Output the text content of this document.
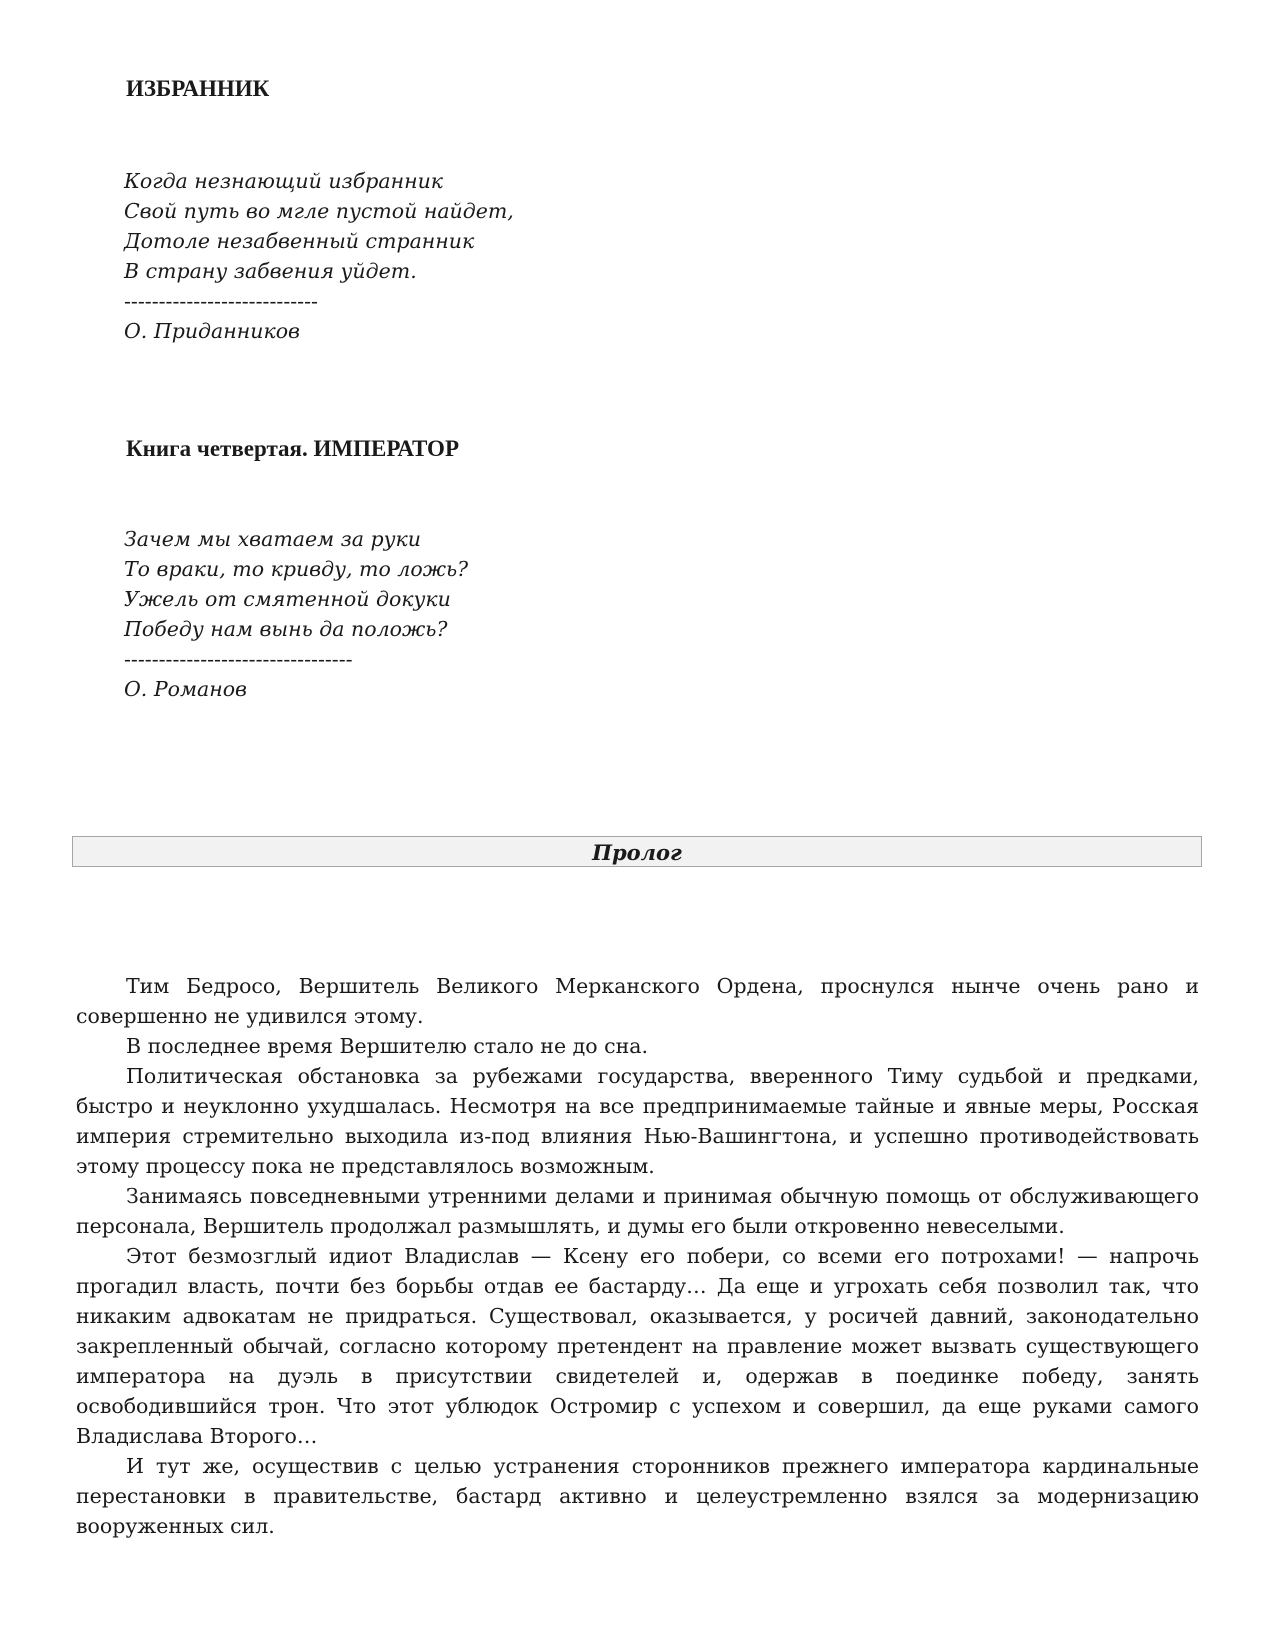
ИЗБРАННИК
Когда незнающий избранник
Свой путь во мгле пустой найдет,
Дотоле незабвенный странник
В страну забвения уйдет.
----------------------------
О. Приданников
Книга четвертая. ИМПЕРАТОР
Зачем мы хватаем за руки
То враки, то кривду, то ложь?
Ужель от смятенной докуки
Победу нам вынь да положь?
---------------------------------
О. Романов
Пролог

Тим Бедросо, Вершитель Великого Мерканского Ордена, проснулся нынче очень рано и совершенно не удивился этому.

В последнее время Вершителю стало не до сна.

Политическая обстановка за рубежами государства, вверенного Тиму судьбой и предками, быстро и неуклонно ухудшалась. Несмотря на все предпринимаемые тайные и явные меры, Росская империя стремительно выходила из-под влияния Нью-Вашингтона, и успешно противодействовать этому процессу пока не представлялось возможным.

Занимаясь повседневными утренними делами и принимая обычную помощь от обслуживающего персонала, Вершитель продолжал размышлять, и думы его были откровенно невеселыми.

Этот безмозглый идиот Владислав — Ксену его побери, со всеми его потрохами! — напрочь прогадил власть, почти без борьбы отдав ее бастарду… Да еще и угрохать себя позволил так, что никаким адвокатам не придраться. Существовал, оказывается, у росичей давний, законодательно закрепленный обычай, согласно которому претендент на правление может вызвать существующего императора на дуэль в присутствии свидетелей и, одержав в поединке победу, занять освободившийся трон. Что этот ублюдок Остромир с успехом и совершил, да еще руками самого Владислава Второго…

И тут же, осуществив с целью устранения сторонников прежнего императора кардинальные перестановки в правительстве, бастард активно и целеустремленно взялся за модернизацию вооруженных сил.
